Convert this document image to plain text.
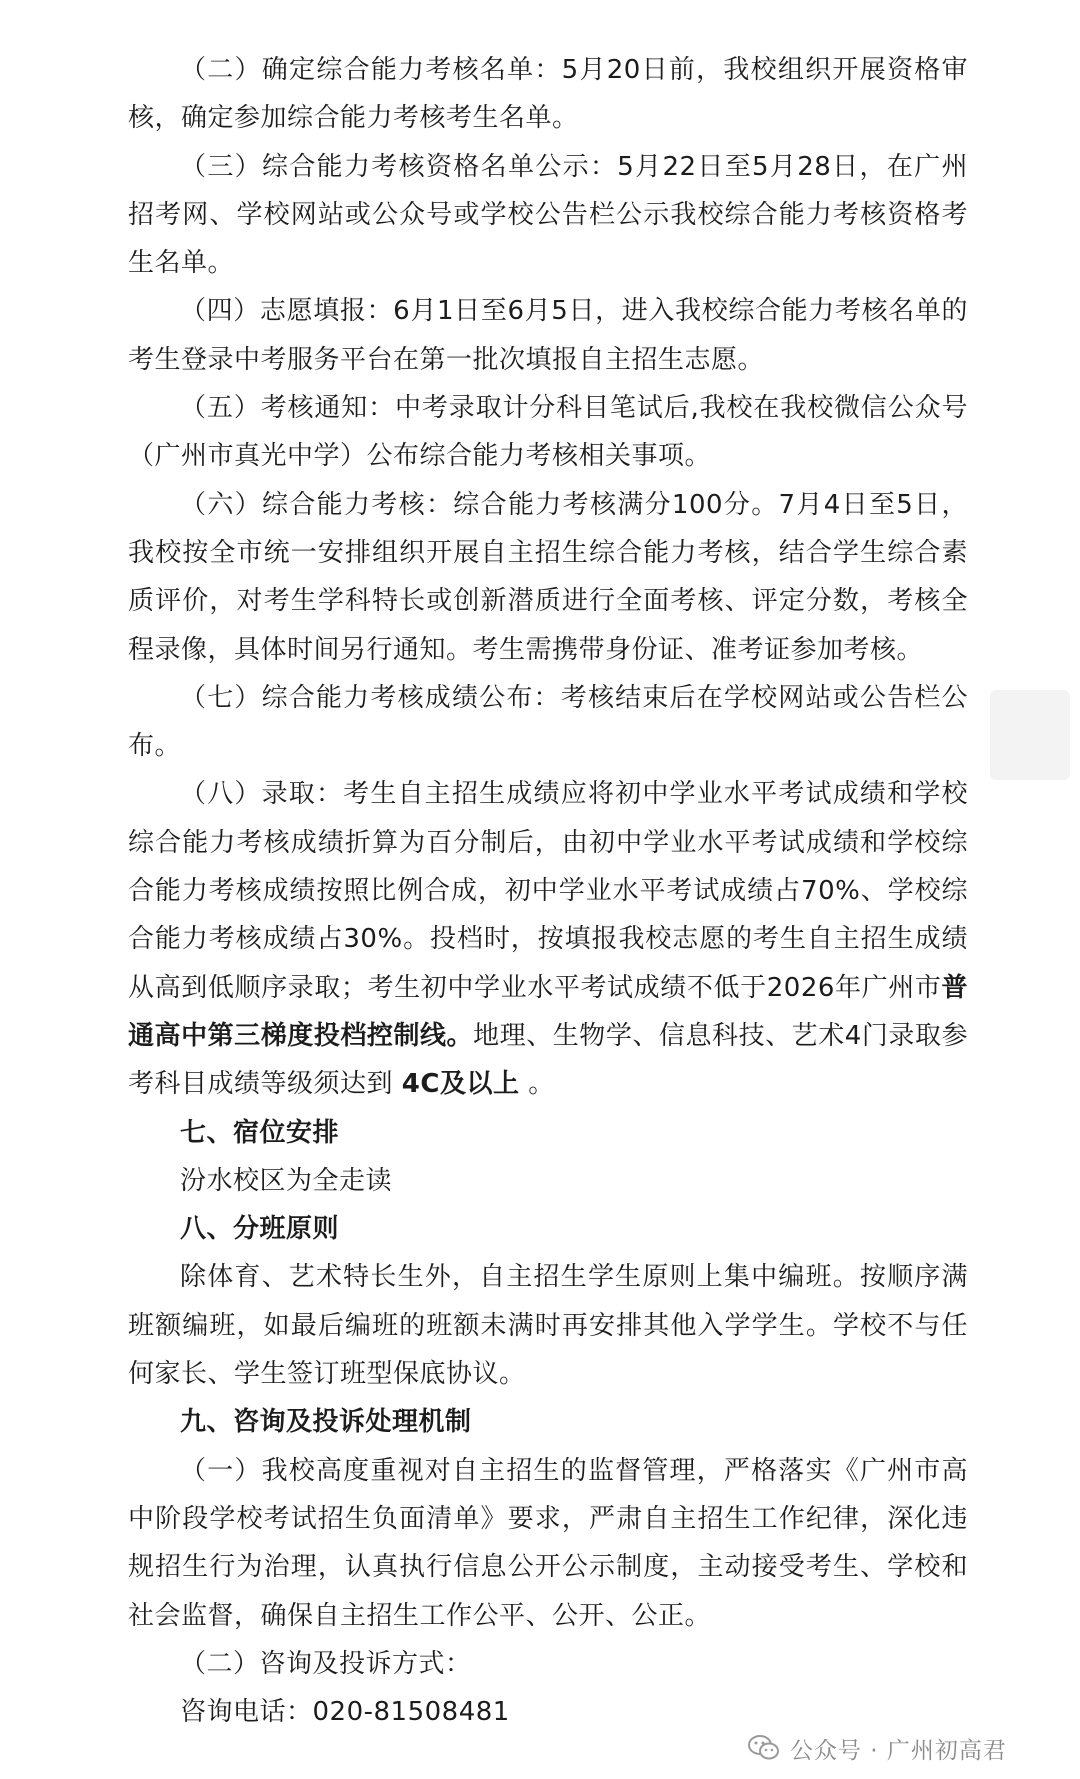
（二）确定综合能力考核名单：5月20日前，我校组织开展资格审核，确定参加综合能力考核考生名单。

（三）综合能力考核资格名单公示：5月22日至5月28日，在广州招考网、学校网站或公众号或学校公告栏公示我校综合能力考核资格考生名单。

（四）志愿填报：6月1日至6月5日，进入我校综合能力考核名单的考生登录中考服务平台在第一批次填报自主招生志愿。

（五）考核通知：中考录取计分科目笔试后,我校在我校微信公众号（广州市真光中学）公布综合能力考核相关事项。

（六）综合能力考核：综合能力考核满分100分。7月4日至5日，我校按全市统一安排组织开展自主招生综合能力考核，结合学生综合素质评价，对考生学科特长或创新潜质进行全面考核、评定分数，考核全程录像，具体时间另行通知。考生需携带身份证、准考证参加考核。

（七）综合能力考核成绩公布：考核结束后在学校网站或公告栏公布。

（八）录取：考生自主招生成绩应将初中学业水平考试成绩和学校综合能力考核成绩折算为百分制后，由初中学业水平考试成绩和学校综合能力考核成绩按照比例合成，初中学业水平考试成绩占70%、学校综合能力考核成绩占30%。投档时，按填报我校志愿的考生自主招生成绩从高到低顺序录取；考生初中学业水平考试成绩不低于2026年广州市普通高中第三梯度投档控制线。地理、生物学、信息科技、艺术4门录取参考科目成绩等级须达到 4C及以上 。

七、宿位安排

汾水校区为全走读

八、分班原则

除体育、艺术特长生外，自主招生学生原则上集中编班。按顺序满班额编班，如最后编班的班额未满时再安排其他入学学生。学校不与任何家长、学生签订班型保底协议。

九、咨询及投诉处理机制

（一）我校高度重视对自主招生的监督管理，严格落实《广州市高中阶段学校考试招生负面清单》要求，严肃自主招生工作纪律，深化违规招生行为治理，认真执行信息公开公示制度，主动接受考生、学校和社会监督，确保自主招生工作公平、公开、公正。

（二）咨询及投诉方式：

咨询电话：020-81508481

公众号 · 广州初高君
